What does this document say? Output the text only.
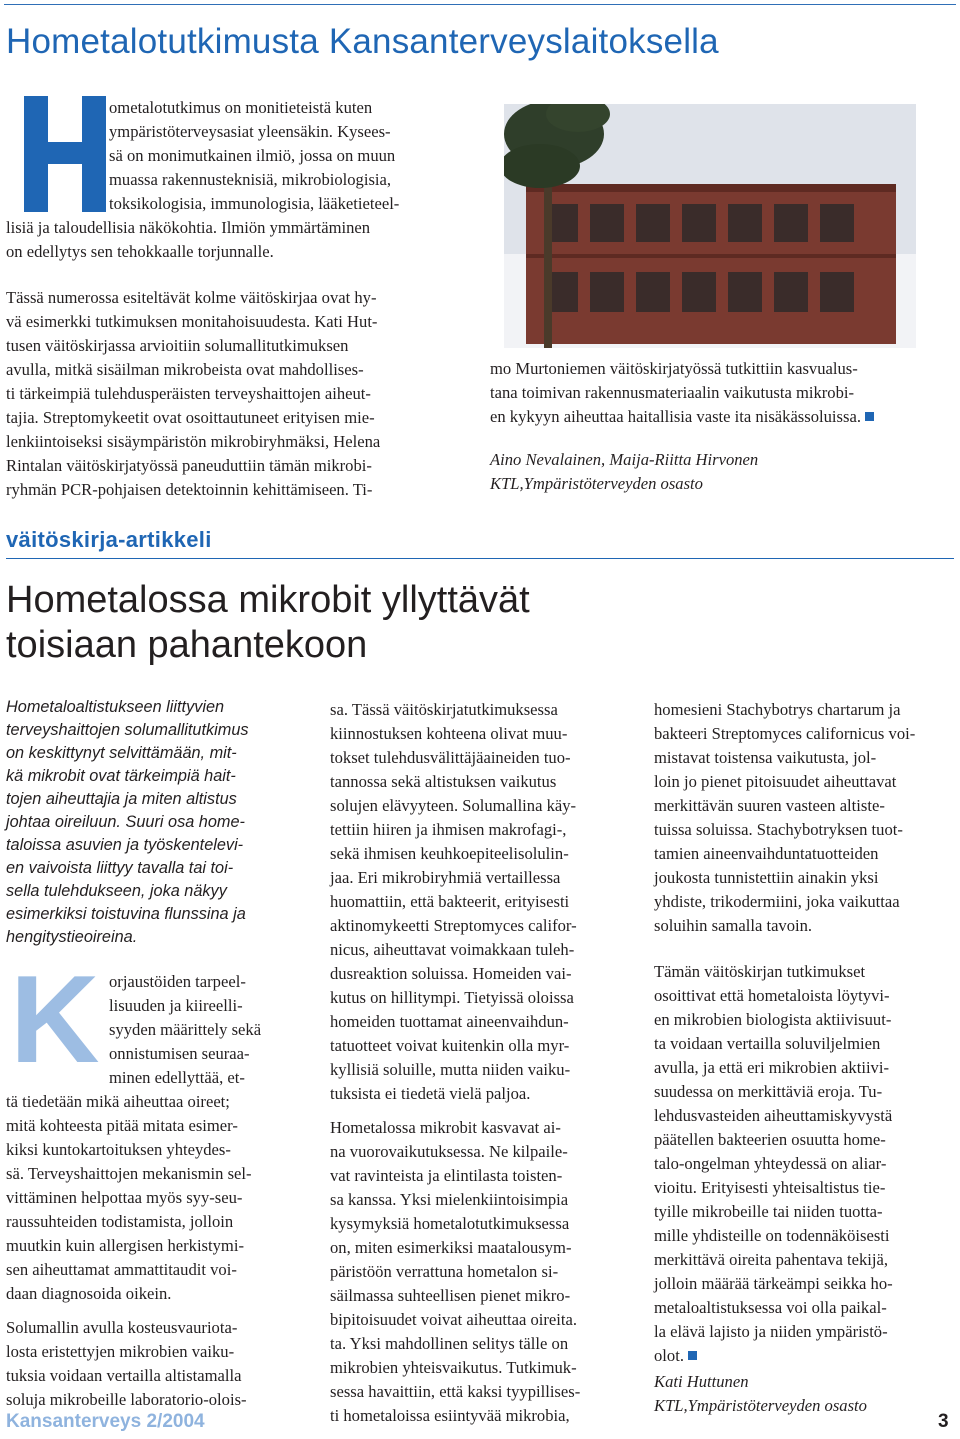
Hometalotutkimusta Kansanterveyslaitoksella
ometalotutkimus on monitieteistä kuten
ympäristöterveysasiat yleensäkin. Kysees-
sä on monimutkainen ilmiö, jossa on muun
muassa rakennusteknisiä, mikrobiologisia,
toksikologisia, immunologisia, lääketieteel-
lisiä ja taloudellisia näkökohtia. Ilmiön ymmärtäminen
on edellytys sen tehokkaalle torjunnalle.
Tässä numerossa esiteltävät kolme väitöskirjaa ovat hy-
vä esimerkki tutkimuksen monitahoisuudesta. Kati Hut-
tusen väitöskirjassa arvioitiin solumallitutkimuksen
avulla, mitkä sisäilman mikrobeista ovat mahdollises-
ti tärkeimpiä tulehdusperäisten terveyshaittojen aiheut-
tajia. Streptomykeetit ovat osoittautuneet erityisen mie-
lenkiintoiseksi sisäympäristön mikrobiryhmäksi, Helena
Rintalan väitöskirjatyössä paneuduttiin tämän mikrobi-
ryhmän PCR-pohjaisen detektoinnin kehittämiseen. Ti-
mo Murtoniemen väitöskirjatyössä tutkittiin kasvualus-
tana toimivan rakennusmateriaalin vaikutusta mikrobi-
en kykyyn aiheuttaa haitallisia vaste ita nisäkässoluissa.
Aino Nevalainen, Maija-Riitta Hirvonen
KTL,Ympäristöterveyden osasto
väitöskirja-artikkeli
Hometalossa mikrobit yllyttävät
toisiaan pahantekoon
Hometaloaltistukseen liittyvien
terveyshaittojen solumallitutkimus
on keskittynyt selvittämään, mit-
kä mikrobit ovat tärkeimpiä hait-
tojen aiheuttajia ja miten altistus
johtaa oireiluun. Suuri osa home-
taloissa asuvien ja työskentelevi-
en vaivoista liittyy tavalla tai toi-
sella tulehdukseen, joka näkyy
esimerkiksi toistuvina flunssina ja
hengitystieoireina.
K orjaustöiden tarpeel-
lisuuden ja kiireelli-
syyden määrittely sekä
onnistumisen seuraa-
minen edellyttää, et-
tä tiedetään mikä aiheuttaa oireet;
mitä kohteesta pitää mitata esimer-
kiksi kuntokartoituksen yhteydes-
sä. Terveyshaittojen mekanismin sel-
vittäminen helpottaa myös syy-seu-
raussuhteiden todistamista, jolloin
muutkin kuin allergisen herkistymi-
sen aiheuttamat ammattitaudit voi-
daan diagnosoida oikein.
Solumallin avulla kosteusvauriota-
losta eristettyjen mikrobien vaiku-
tuksia voidaan vertailla altistamalla
soluja mikrobeille laboratorio-olois-
sa. Tässä väitöskirjatutkimuksessa
kiinnostuksen kohteena olivat muu-
tokset tulehdusvälittäjäaineiden tuo-
tannossa sekä altistuksen vaikutus
solujen elävyyteen. Solumallina käy-
tettiin hiiren ja ihmisen makrofagi-,
sekä ihmisen keuhkoepiteelisolulin-
jaa. Eri mikrobiryhmiä vertaillessa
huomattiin, että bakteerit, erityisesti
aktinomykeetti Streptomyces califor-
nicus, aiheuttavat voimakkaan tuleh-
dusreaktion soluissa. Homeiden vai-
kutus on hillitympi. Tietyissä oloissa
homeiden tuottamat aineenvaihdun-
tatuotteet voivat kuitenkin olla myr-
kyllisiä soluille, mutta niiden vaiku-
tuksista ei tiedetä vielä paljoa.
Hometalossa mikrobit kasvavat ai-
na vuorovaikutuksessa. Ne kilpaile-
vat ravinteista ja elintilasta toisten-
sa kanssa. Yksi mielenkiintoisimpia
kysymyksiä hometalotutkimuksessa
on, miten esimerkiksi maatalousym-
päristöön verrattuna hometalon si-
säilmassa suhteellisen pienet mikro-
bipitoisuudet voivat aiheuttaa oireita.
ta. Yksi mahdollinen selitys tälle on
mikrobien yhteisvaikutus. Tutkimuk-
sessa havaittiin, että kaksi tyypillises-
ti hometaloissa esiintyvää mikrobia,
homesieni Stachybotrys chartarum ja
bakteeri Streptomyces californicus voi-
mistavat toistensa vaikutusta, jol-
loin jo pienet pitoisuudet aiheuttavat
merkittävän suuren vasteen altiste-
tuissa soluissa. Stachybotryksen tuot-
tamien aineenvaihduntatuotteiden
joukosta tunnistettiin ainakin yksi
yhdiste, trikodermiini, joka vaikuttaa
soluihin samalla tavoin.
Tämän väitöskirjan tutkimukset
osoittivat että hometaloista löytyvi-
en mikrobien biologista aktiivisuut-
ta voidaan vertailla soluviljelmien
avulla, ja että eri mikrobien aktiivi-
suudessa on merkittäviä eroja. Tu-
lehdusvasteiden aiheuttamiskyvystä
päätellen bakteerien osuutta home-
talo-ongelman yhteydessä on aliar-
vioitu. Erityisesti yhteisaltistus tie-
tyille mikrobeille tai niiden tuotta-
mille yhdisteille on todennäköisesti
merkittävä oireita pahentava tekijä,
jolloin määrää tärkeämpi seikka ho-
metaloaltistuksessa voi olla paikal-
la elävä lajisto ja niiden ympäristö-
olot.
Kati Huttunen
KTL,Ympäristöterveyden osasto
Kansanterveys 2/2004	3
